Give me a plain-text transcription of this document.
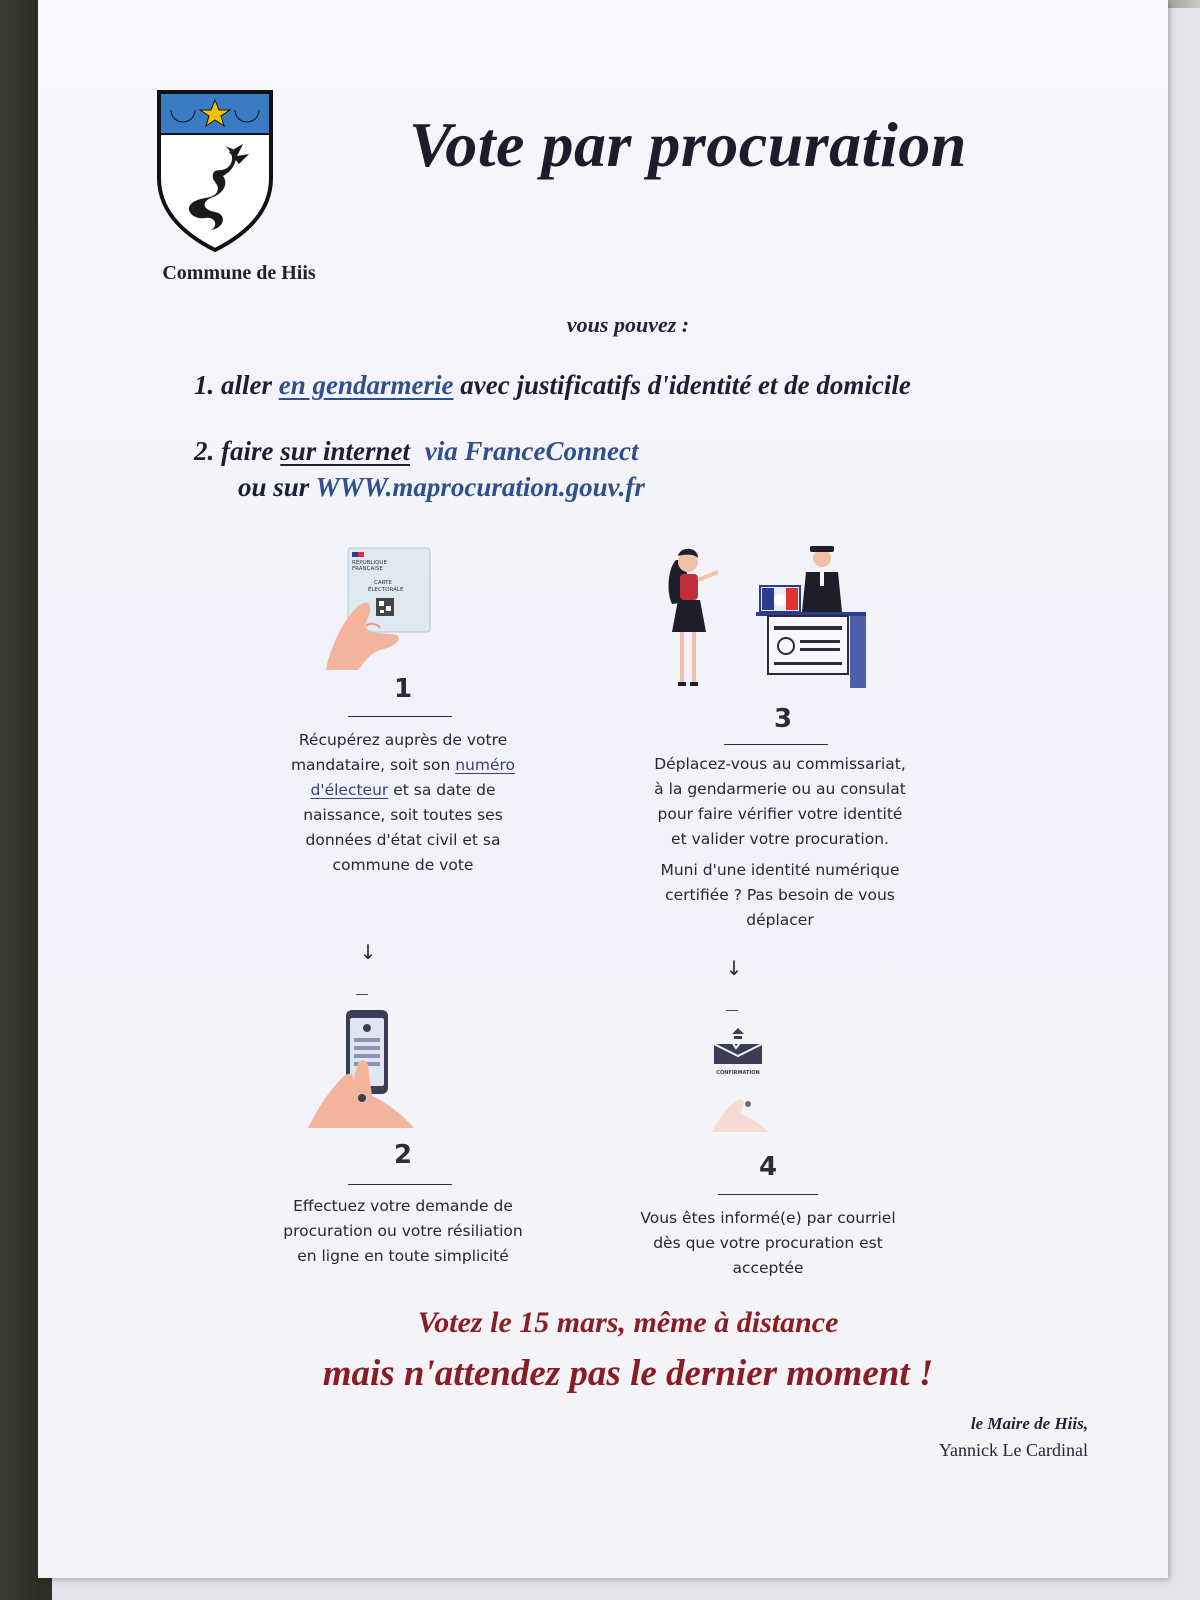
Commune de Hiis
Vote par procuration
vous pouvez :
1. aller en gendarmerie avec justificatifs d'identité et de domicile
2. faire sur internet via FranceConnect
ou sur WWW.maprocuration.gouv.fr
RÉPUBLIQUE
FRANÇAISE
CARTE
ÉLECTORALE
1
Récupérez auprès de votre
mandataire, soit son numéro
d'électeur et sa date de
naissance, soit toutes ses
données d'état civil et sa
commune de vote
↓
2
Effectuez votre demande de
procuration ou votre résiliation
en ligne en toute simplicité
3
Déplacez-vous au commissariat,
à la gendarmerie ou au consulat
pour faire vérifier votre identité
et valider votre procuration.
Muni d'une identité numérique
certifiée ? Pas besoin de vous
déplacer
↓
CONFIRMATION
4
Vous êtes informé(e) par courriel
dès que votre procuration est
acceptée
Votez le 15 mars, même à distance
mais n'attendez pas le dernier moment !
le Maire de Hiis,
Yannick Le Cardinal
